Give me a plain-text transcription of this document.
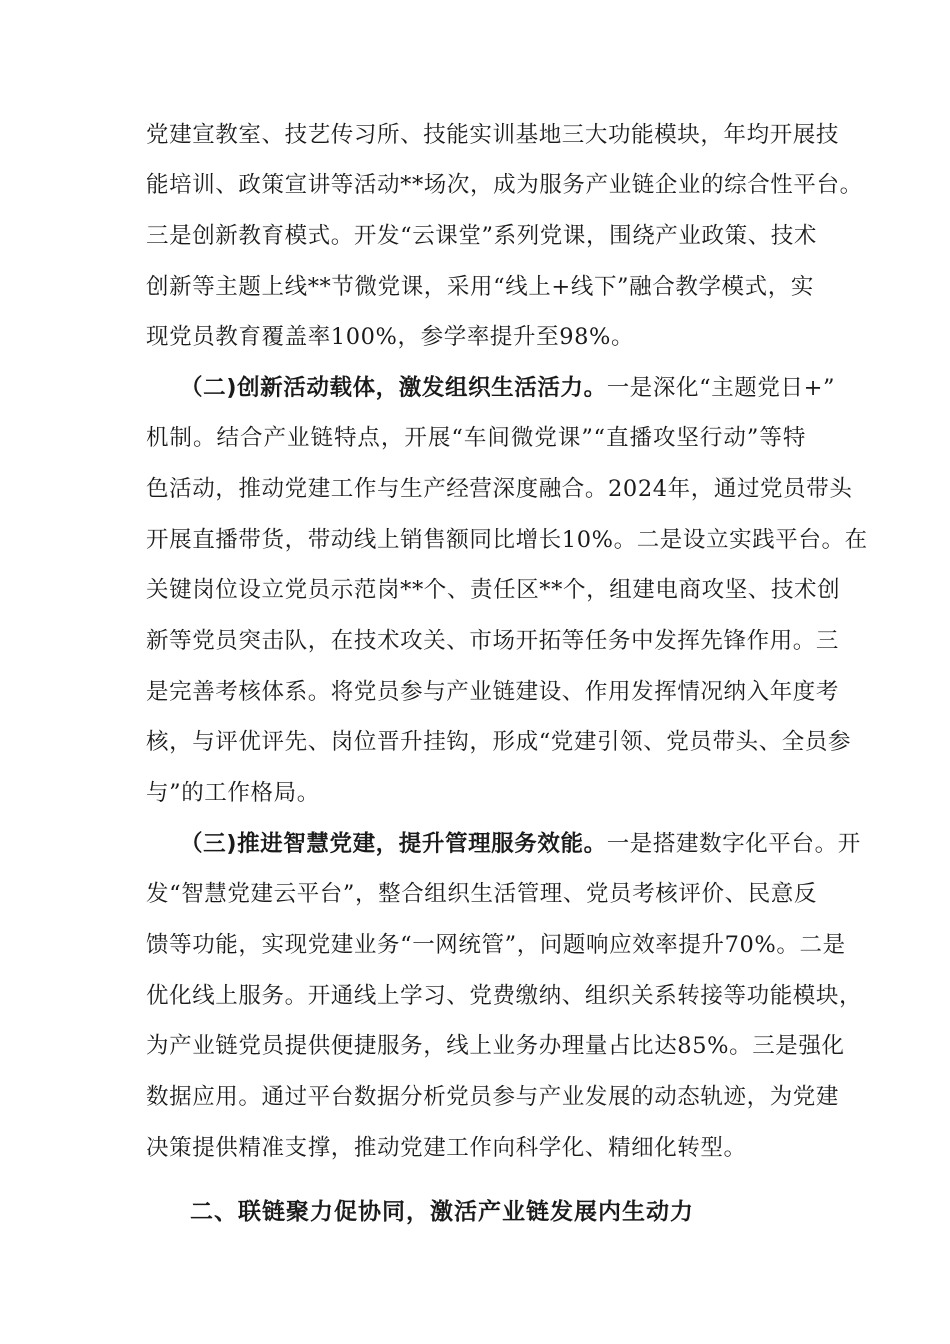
党建宣教室、技艺传习所、技能实训基地三大功能模块，年均开展技
能培训、政策宣讲等活动**场次，成为服务产业链企业的综合性平台。
三是创新教育模式。开发“云课堂”系列党课，围绕产业政策、技术
创新等主题上线**节微党课，采用“线上+线下”融合教学模式，实
现党员教育覆盖率100%，参学率提升至98%。
（二)创新活动载体，激发组织生活活力。一是深化“主题党日+”
机制。结合产业链特点，开展“车间微党课”“直播攻坚行动”等特
色活动，推动党建工作与生产经营深度融合。2024年，通过党员带头
开展直播带货，带动线上销售额同比增长10%。二是设立实践平台。在
关键岗位设立党员示范岗**个、责任区**个，组建电商攻坚、技术创
新等党员突击队，在技术攻关、市场开拓等任务中发挥先锋作用。三
是完善考核体系。将党员参与产业链建设、作用发挥情况纳入年度考
核，与评优评先、岗位晋升挂钩，形成“党建引领、党员带头、全员参
与”的工作格局。
（三)推进智慧党建，提升管理服务效能。一是搭建数字化平台。开
发“智慧党建云平台”，整合组织生活管理、党员考核评价、民意反
馈等功能，实现党建业务“一网统管”，问题响应效率提升70%。二是
优化线上服务。开通线上学习、党费缴纳、组织关系转接等功能模块，
为产业链党员提供便捷服务，线上业务办理量占比达85%。三是强化
数据应用。通过平台数据分析党员参与产业发展的动态轨迹，为党建
决策提供精准支撑，推动党建工作向科学化、精细化转型。
二、联链聚力促协同，激活产业链发展内生动力
